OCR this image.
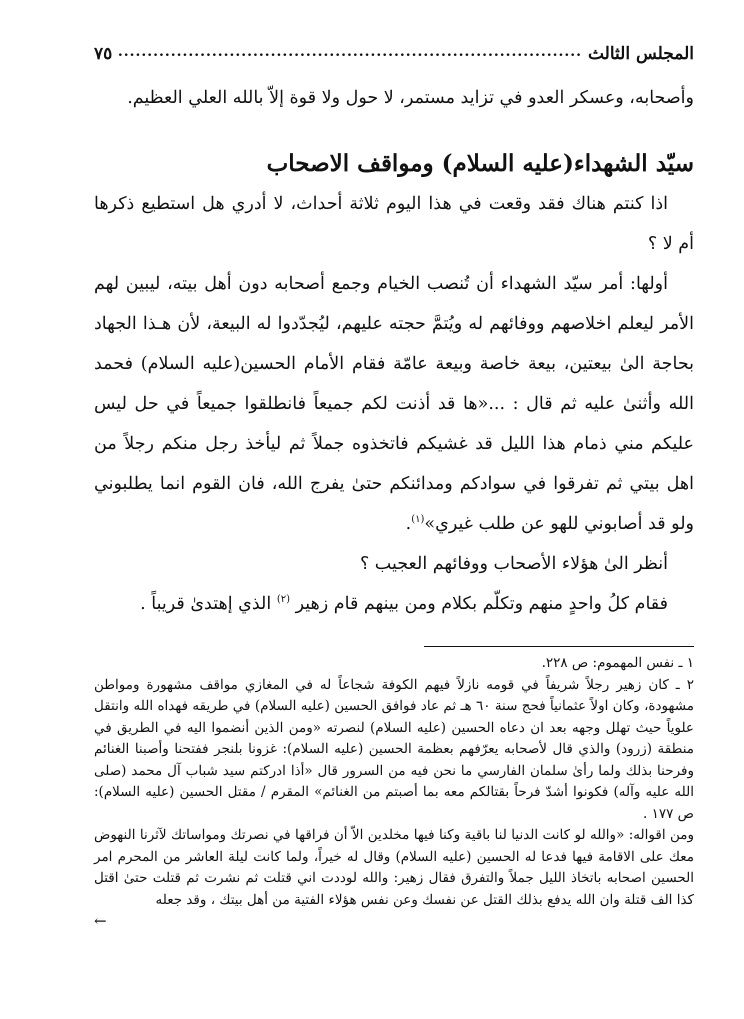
المجلس الثالث
.....
٧٥

وأصحابه، وعسكر العدو في تزايد مستمر، لا حول ولا قوة إلاّ بالله العلي العظيم.

سيّد الشهداء(عليه السلام) ومواقف الاصحاب

اذا كنتم هناك فقد وقعت في هذا اليوم ثلاثة أحداث، لا أدري هل استطيع ذكرها أم لا ؟

أولها: أمر سيّد الشهداء أن تُنصب الخيام وجمع أصحابه دون أهل بيته، ليبين لهم الأمر ليعلم اخلاصهم ووفائهم له ويُتمَّ حجته عليهم، ليُجدّدوا له البيعة، لأن هـذا الجهاد بحاجة الىٰ بيعتين، بيعة خاصة وبيعة عامّة فقام الأمام الحسين(عليه السلام) فحمد الله وأثنىٰ عليه ثم قال : ...«ها قد أذنت لكم جميعاً فانطلقوا جميعاً في حل ليس عليكم مني ذمام هذا الليل قد غشيكم فاتخذوه جملاً ثم ليأخذ رجل منكم رجلاً من اهل بيتي ثم تفرقوا في سوادكم ومدائنكم حتىٰ يفرج الله، فان القوم انما يطلبوني ولو قد أصابوني للهو عن طلب غيري»$^{(١)}$.

أنظر الىٰ هؤلاء الأصحاب ووفائهم العجيب ؟

فقام كلُ واحدٍ منهم وتكلّم بكلام ومن بينهم قام زهير $^{(٢)}$ الذي إهتدىٰ قريباً .

١ ـ نفس المهموم: ص ٢٢٨.

٢ ـ كان زهير رجلاً شريفاً في قومه نازلاً فيهم الكوفة شجاعاً له في المغازي مواقف مشهورة ومواطن مشهودة، وكان اولاً عثمانياً فحج سنة ٦٠ هـ ثم عاد فوافق الحسين (عليه السلام) في طريقه فهداه الله وانتقل علوياً حيث تهلل وجهه بعد ان دعاه الحسين (عليه السلام) لنصرته «ومن الذين أنضموا اليه في الطريق في منطقة (زرود) والذي قال لأصحابه يعرّفهم بعظمة الحسين (عليه السلام): غزونا بلنجر ففتحنا وأصبنا الغنائم وفرحنا بذلك ولما رأىٰ سلمان الفارسي ما نحن فيه من السرور قال «أذا ادركتم سيد شباب آل محمد (صلى الله عليه وآله) فكونوا أشدّ فرحاً بقتالكم معه بما أصبتم من الغنائم» المقرم / مقتل الحسين (عليه السلام): ص ١٧٧ .

ومن اقواله: «والله لو كانت الدنيا لنا باقية وكنا فيها مخلدين الاّ أن فراقها في نصرتك ومواساتك لآثرنا النهوض معك على الاقامة فيها فدعا له الحسين (عليه السلام) وقال له خيراً، ولما كانت ليلة العاشر من المحرم امر الحسين اصحابه باتخاذ الليل جملاً والتفرق فقال زهير: والله لوددت اني قتلت ثم نشرت ثم قتلت حتىٰ اقتل كذا الف قتلة وان الله يدفع بذلك القتل عن نفسك وعن نفس هؤلاء الفتية من أهل بيتك ، وقد جعله

←
